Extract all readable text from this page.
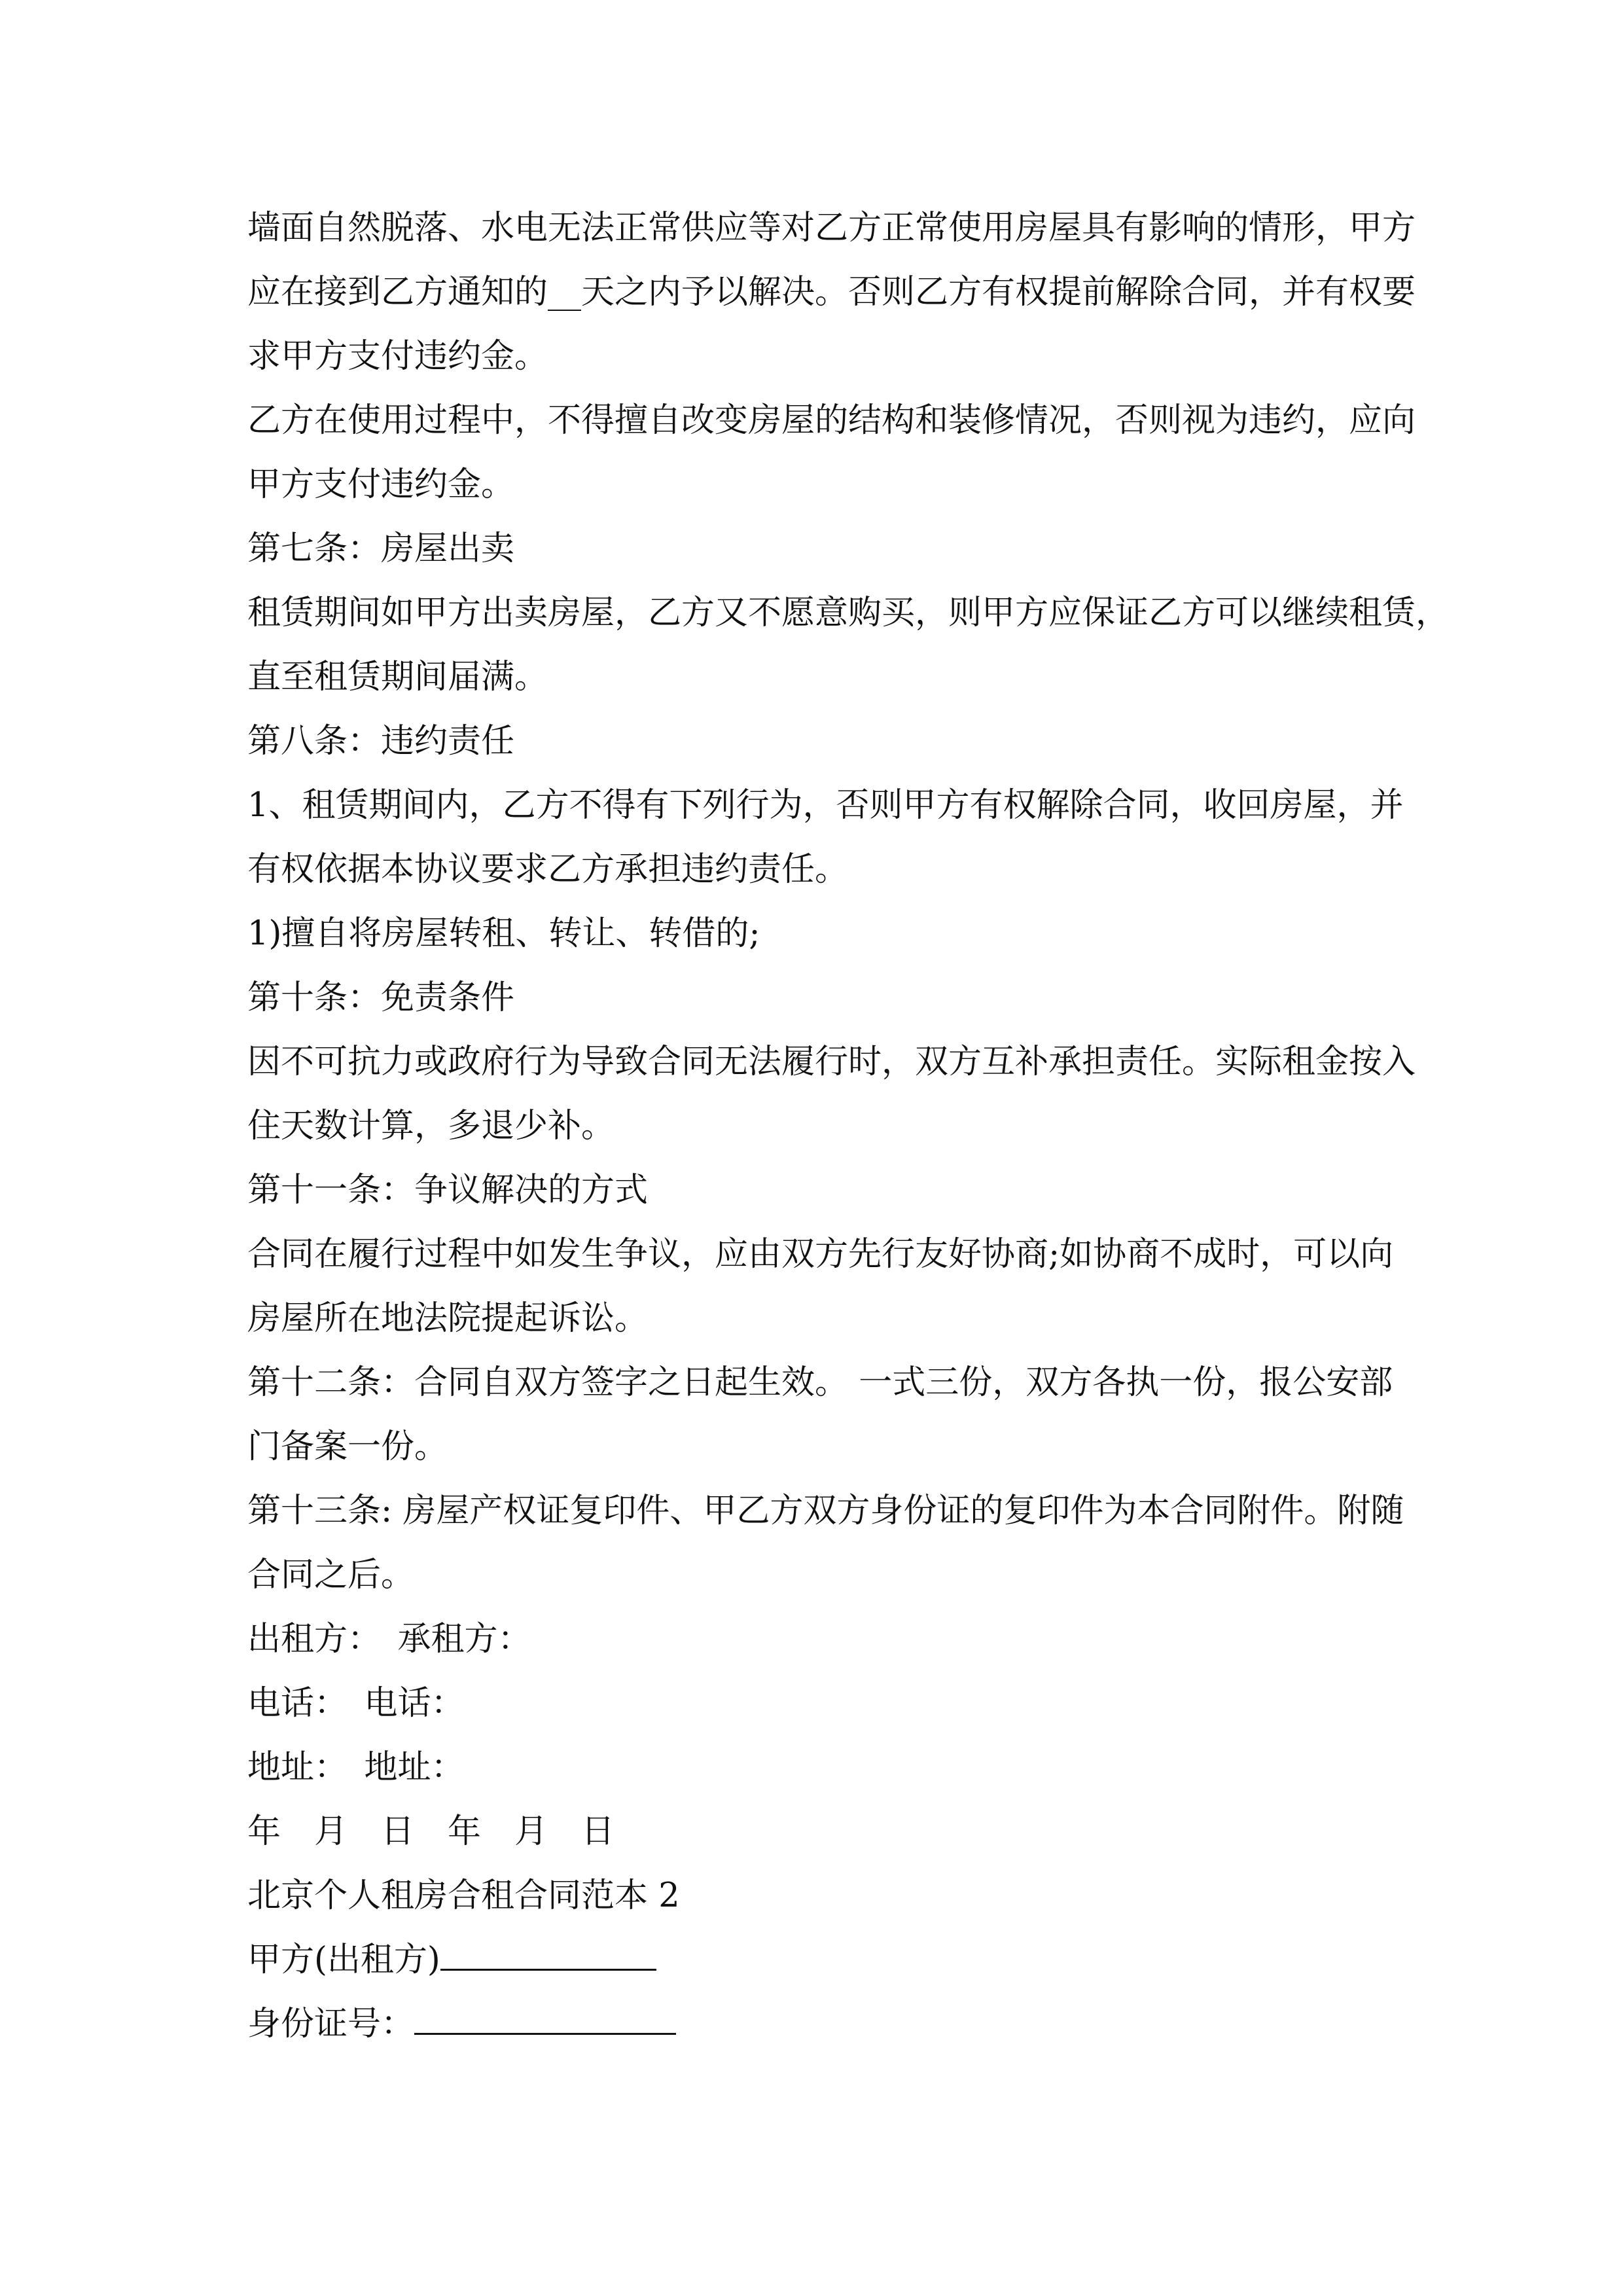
墙面自然脱落、水电无法正常供应等对乙方正常使用房屋具有影响的情形，甲方

应在接到乙方通知的__天之内予以解决。否则乙方有权提前解除合同，并有权要

求甲方支付违约金。

乙方在使用过程中，不得擅自改变房屋的结构和装修情况，否则视为违约，应向

甲方支付违约金。

第七条：房屋出卖

租赁期间如甲方出卖房屋，乙方又不愿意购买，则甲方应保证乙方可以继续租赁，

直至租赁期间届满。

第八条：违约责任

1、租赁期间内，乙方不得有下列行为，否则甲方有权解除合同，收回房屋，并

有权依据本协议要求乙方承担违约责任。

1)擅自将房屋转租、转让、转借的;

第十条：免责条件

因不可抗力或政府行为导致合同无法履行时，双方互补承担责任。实际租金按入

住天数计算，多退少补。

第十一条：争议解决的方式

合同在履行过程中如发生争议，应由双方先行友好协商;如协商不成时，可以向

房屋所在地法院提起诉讼。

第十二条：合同自双方签字之日起生效。 一式三份，双方各执一份，报公安部

门备案一份。

第十三条: 房屋产权证复印件、甲乙方双方身份证的复印件为本合同附件。附随

合同之后。

出租方：　承租方：

电话：　电话：

地址：　地址：

年　月　日　年　月　日

北京个人租房合租合同范本 2

甲方(出租方)

身份证号：
